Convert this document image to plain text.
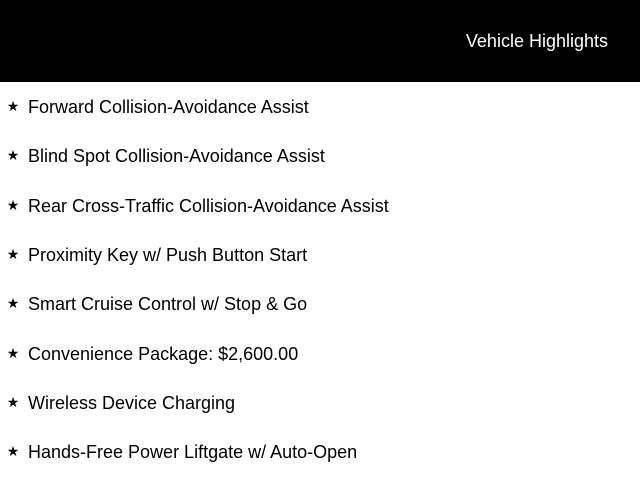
Vehicle Highlights
★ Forward Collision-Avoidance Assist
★ Blind Spot Collision-Avoidance Assist
★ Rear Cross-Traffic Collision-Avoidance Assist
★ Proximity Key w/ Push Button Start
★ Smart Cruise Control w/ Stop & Go
★ Convenience Package: $2,600.00
★ Wireless Device Charging
★ Hands-Free Power Liftgate w/ Auto-Open
